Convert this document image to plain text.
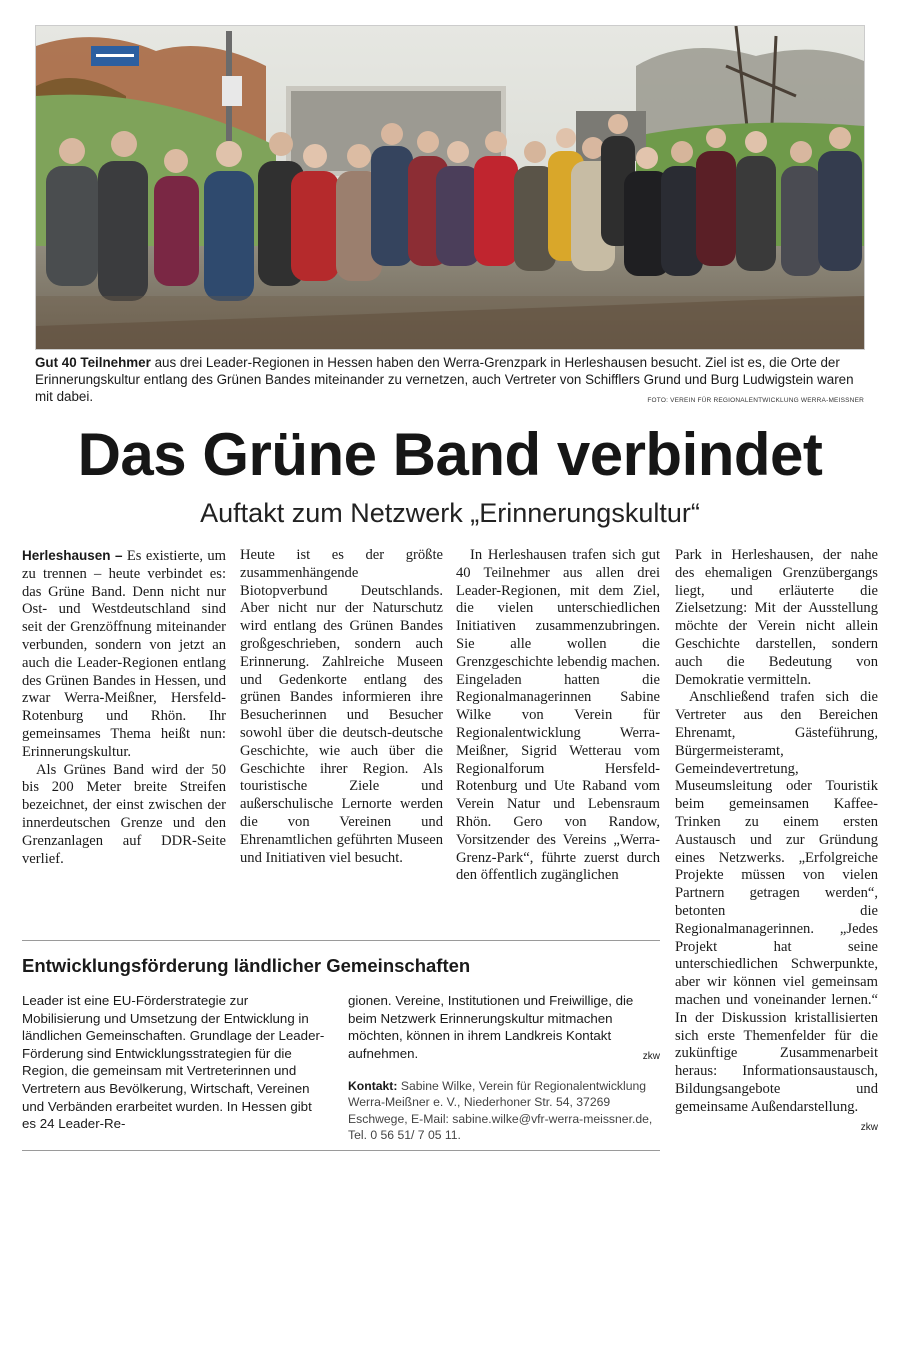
Gut 40 Teilnehmer aus drei Leader-Regionen in Hessen haben den Werra-Grenzpark in Herleshausen besucht. Ziel ist es, die Orte der Erinnerungskultur entlang des Grünen Bandes miteinander zu vernetzen, auch Vertreter von Schifflers Grund und Burg Ludwigstein waren mit dabei.	FOTO: VEREIN FÜR REGIONALENTWICKLUNG WERRA-MEISSNER
Das Grüne Band verbindet
Auftakt zum Netzwerk „Erinnerungskultur“

Herleshausen – Es existierte, um zu trennen – heute verbindet es: das Grüne Band. Denn nicht nur Ost- und Westdeutschland sind seit der Grenzöffnung miteinander verbunden, sondern von jetzt an auch die Leader-Regionen entlang des Grünen Bandes in Hessen, und zwar Werra-Meißner, Hersfeld-Rotenburg und Rhön. Ihr gemeinsames Thema heißt nun: Erinnerungskultur.

Als Grünes Band wird der 50 bis 200 Meter breite Streifen bezeichnet, der einst zwischen der innerdeutschen Grenze und den Grenzanlagen auf DDR-Seite verlief.

Heute ist es der größte zusammenhängende Biotopverbund Deutschlands. Aber nicht nur der Naturschutz wird entlang des Grünen Bandes großgeschrieben, sondern auch Erinnerung. Zahlreiche Museen und Gedenkorte entlang des grünen Bandes informieren ihre Besucherinnen und Besucher sowohl über die deutsch-deutsche Geschichte, wie auch über die Geschichte ihrer Region. Als touristische Ziele und außerschulische Lernorte werden die von Vereinen und Ehrenamtlichen geführten Museen und Initiativen viel besucht.

In Herleshausen trafen sich gut 40 Teilnehmer aus allen drei Leader-Regionen, mit dem Ziel, die vielen unterschiedlichen Initiativen zusammenzubringen. Sie alle wollen die Grenzgeschichte lebendig machen. Eingeladen hatten die Regionalmanagerinnen Sabine Wilke von Verein für Regionalentwicklung Werra-Meißner, Sigrid Wetterau vom Regionalforum Hersfeld-Rotenburg und Ute Raband vom Verein Natur und Lebensraum Rhön. Gero von Randow, Vorsitzender des Vereins „Werra-Grenz-Park“, führte zuerst durch den öffentlich zugänglichen

Park in Herleshausen, der nahe des ehemaligen Grenzübergangs liegt, und erläuterte die Zielsetzung: Mit der Ausstellung möchte der Verein nicht allein Geschichte darstellen, sondern auch die Bedeutung von Demokratie vermitteln.

Anschließend trafen sich die Vertreter aus den Bereichen Ehrenamt, Gästeführung, Bürgermeisteramt, Gemeindevertretung, Museumsleitung oder Touristik beim gemeinsamen Kaffee-Trinken zu einem ersten Austausch und zur Gründung eines Netzwerks. „Erfolgreiche Projekte müssen von vielen Partnern getragen werden“, betonten die Regionalmanagerinnen. „Jedes Projekt hat seine unterschiedlichen Schwerpunkte, aber wir können viel gemeinsam machen und voneinander lernen.“ In der Diskussion kristallisierten sich erste Themenfelder für die zukünftige Zusammenarbeit heraus: Informationsaustausch, Bildungsangebote und gemeinsame Außendarstellung.

zkw
Entwicklungsförderung ländlicher Gemeinschaften

Leader ist eine EU-Förderstrategie zur Mobilisierung und Umsetzung der Entwicklung in ländlichen Gemeinschaften. Grundlage der Leader-Förderung sind Entwicklungsstrategien für die Region, die gemeinsam mit Vertreterinnen und Vertretern aus Bevölkerung, Wirtschaft, Vereinen und Verbänden erarbeitet wurden. In Hessen gibt es 24 Leader-Re-

gionen. Vereine, Institutionen und Freiwillige, die beim Netzwerk Erinnerungskultur mitmachen möchten, können in ihrem Landkreis Kontakt aufnehmen.	zkw

Kontakt: Sabine Wilke, Verein für Regionalentwicklung Werra-Meißner e. V., Niederhoner Str. 54, 37269 Eschwege, E-Mail: sabine.wilke@vfr-werra-meissner.de, Tel. 0 56 51/ 7 05 11.
